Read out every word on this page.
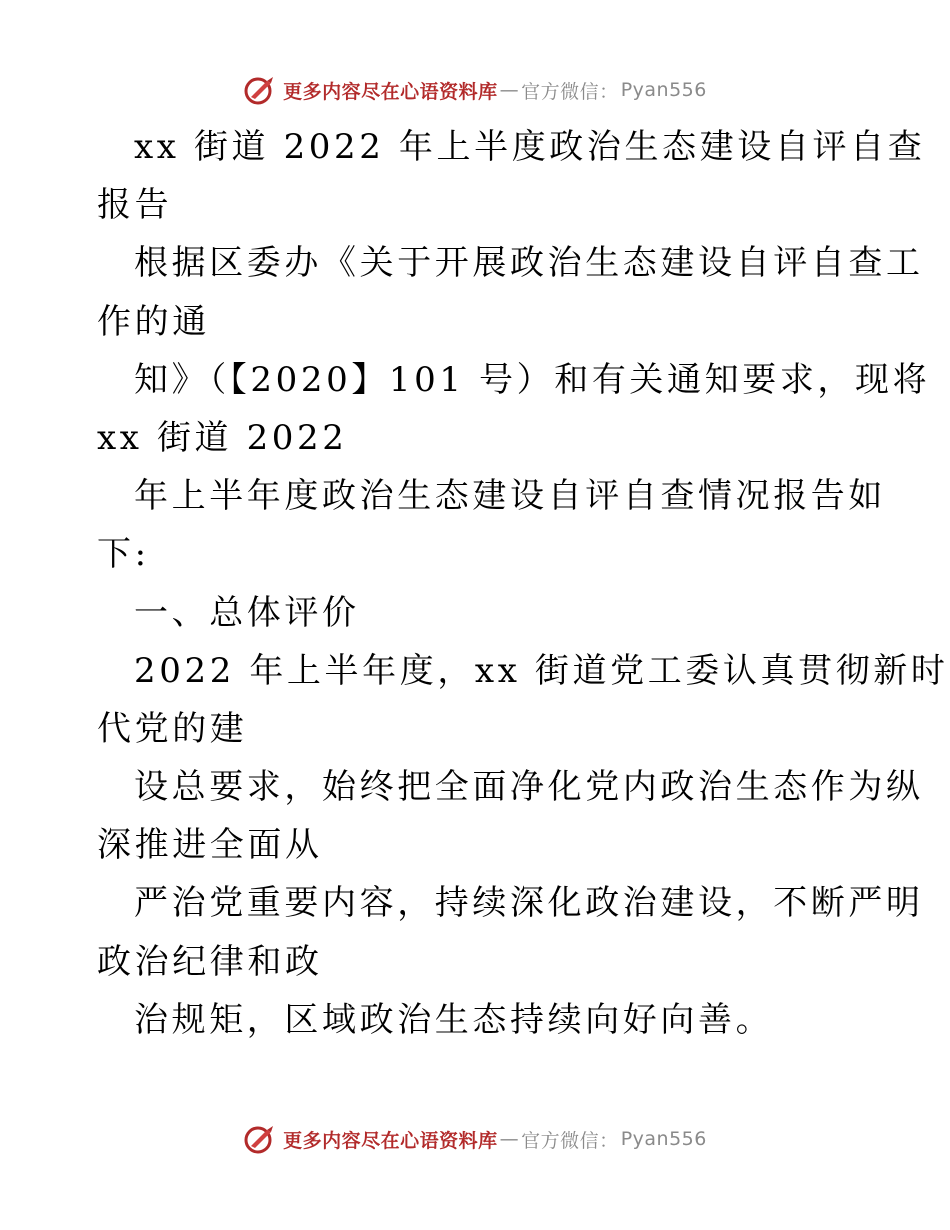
更多内容尽在心语资料库 — 官方微信： Pyan556
xx 街道 2022 年上半度政治生态建设自评自查
报告
根据区委办《关于开展政治生态建设自评自查工
作的通
知》（【2020】101 号）和有关通知要求，现将
xx 街道 2022
年上半年度政治生态建设自评自查情况报告如
下:
一、总体评价
2022 年上半年度，xx 街道党工委认真贯彻新时
代党的建
设总要求，始终把全面净化党内政治生态作为纵
深推进全面从
严治党重要内容，持续深化政治建设，不断严明
政治纪律和政
治规矩，区域政治生态持续向好向善。
更多内容尽在心语资料库 — 官方微信： Pyan556
